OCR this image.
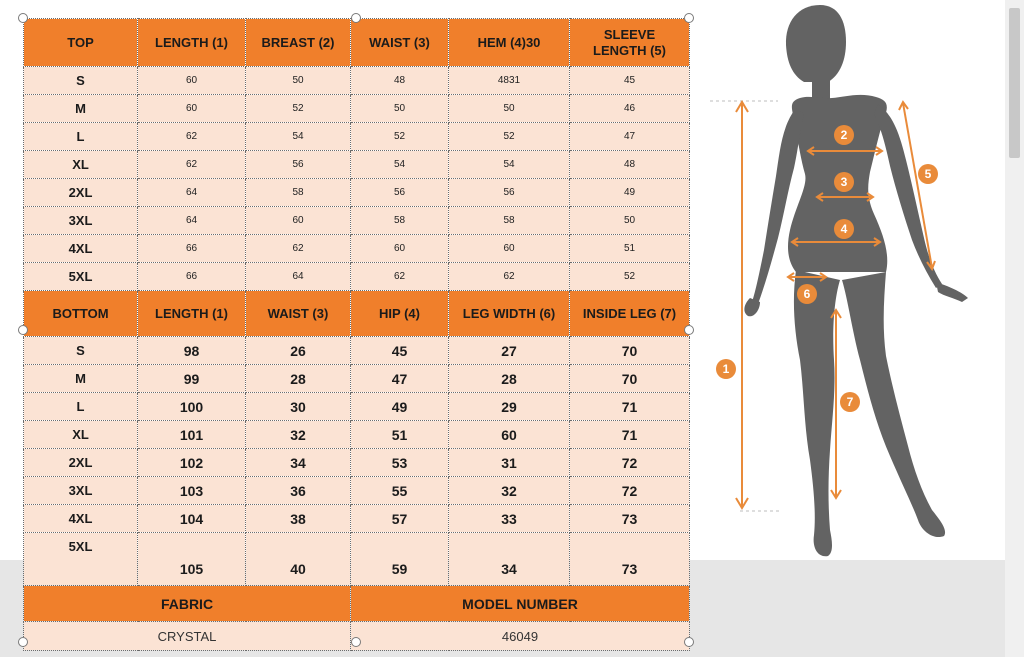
TOP	LENGTH (1)	BREAST (2)	WAIST (3)	HEM (4)30	SLEEVE
LENGTH (5)
S	60	50	48	4831	45
M	60	52	50	50	46
L	62	54	52	52	47
XL	62	56	54	54	48
2XL	64	58	56	56	49
3XL	64	60	58	58	50
4XL	66	62	60	60	51
5XL	66	64	62	62	52
BOTTOM	LENGTH (1)	WAIST (3)	HIP (4)	LEG WIDTH (6)	INSIDE LEG (7)
S	98	26	45	27	70
M	99	28	47	28	70
L	100	30	49	29	71
XL	101	32	51	60	71
2XL	102	34	53	31	72
3XL	103	36	55	32	72
4XL	104	38	57	33	73
5XL	105	40	59	34	73
FABRIC			MODEL NUMBER		
CRYSTAL			46049		
1
2
3
4
5
6
7
